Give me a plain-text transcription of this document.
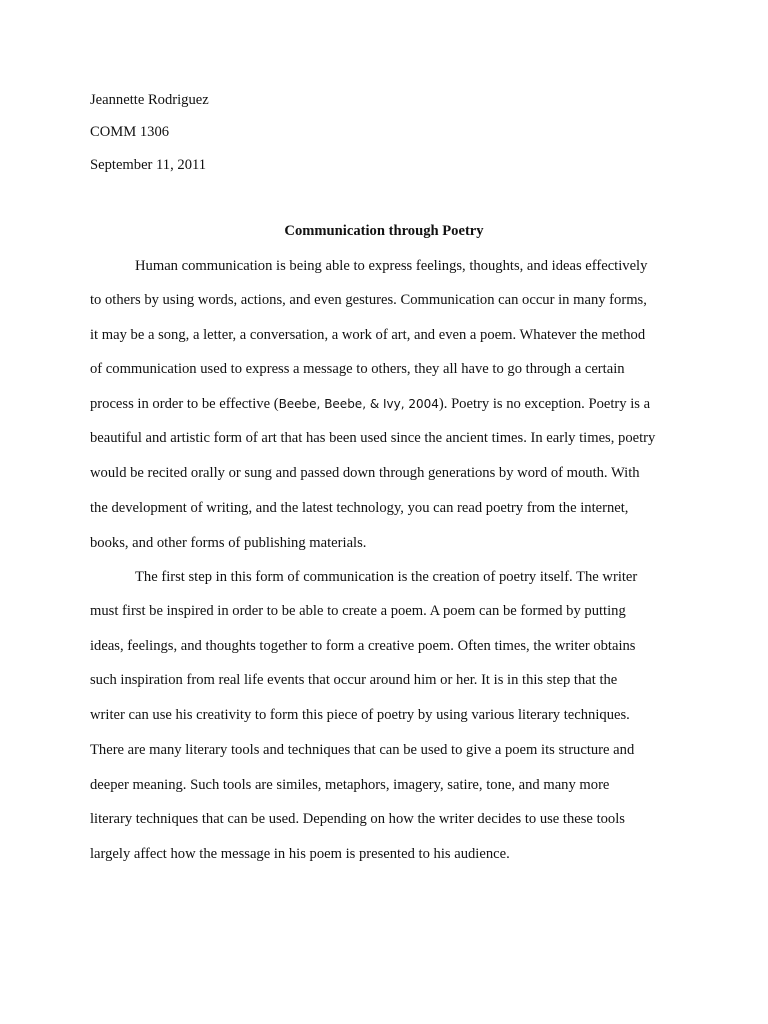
Jeannette Rodriguez
COMM 1306
September 11, 2011
Communication through Poetry
Human communication is being able to express feelings, thoughts, and ideas effectively
to others by using words, actions, and even gestures. Communication can occur in many forms,
it may be a song, a letter, a conversation, a work of art, and even a poem. Whatever the method
of communication used to express a message to others, they all have to go through a certain
process in order to be effective (Beebe, Beebe, & Ivy, 2004). Poetry is no exception. Poetry is a
beautiful and artistic form of art that has been used since the ancient times. In early times, poetry
would be recited orally or sung and passed down through generations by word of mouth. With
the development of writing, and the latest technology, you can read poetry from the internet,
books, and other forms of publishing materials.
The first step in this form of communication is the creation of poetry itself. The writer
must first be inspired in order to be able to create a poem. A poem can be formed by putting
ideas, feelings, and thoughts together to form a creative poem. Often times, the writer obtains
such inspiration from real life events that occur around him or her. It is in this step that the
writer can use his creativity to form this piece of poetry by using various literary techniques.
There are many literary tools and techniques that can be used to give a poem its structure and
deeper meaning. Such tools are similes, metaphors, imagery, satire, tone, and many more
literary techniques that can be used. Depending on how the writer decides to use these tools
largely affect how the message in his poem is presented to his audience.
